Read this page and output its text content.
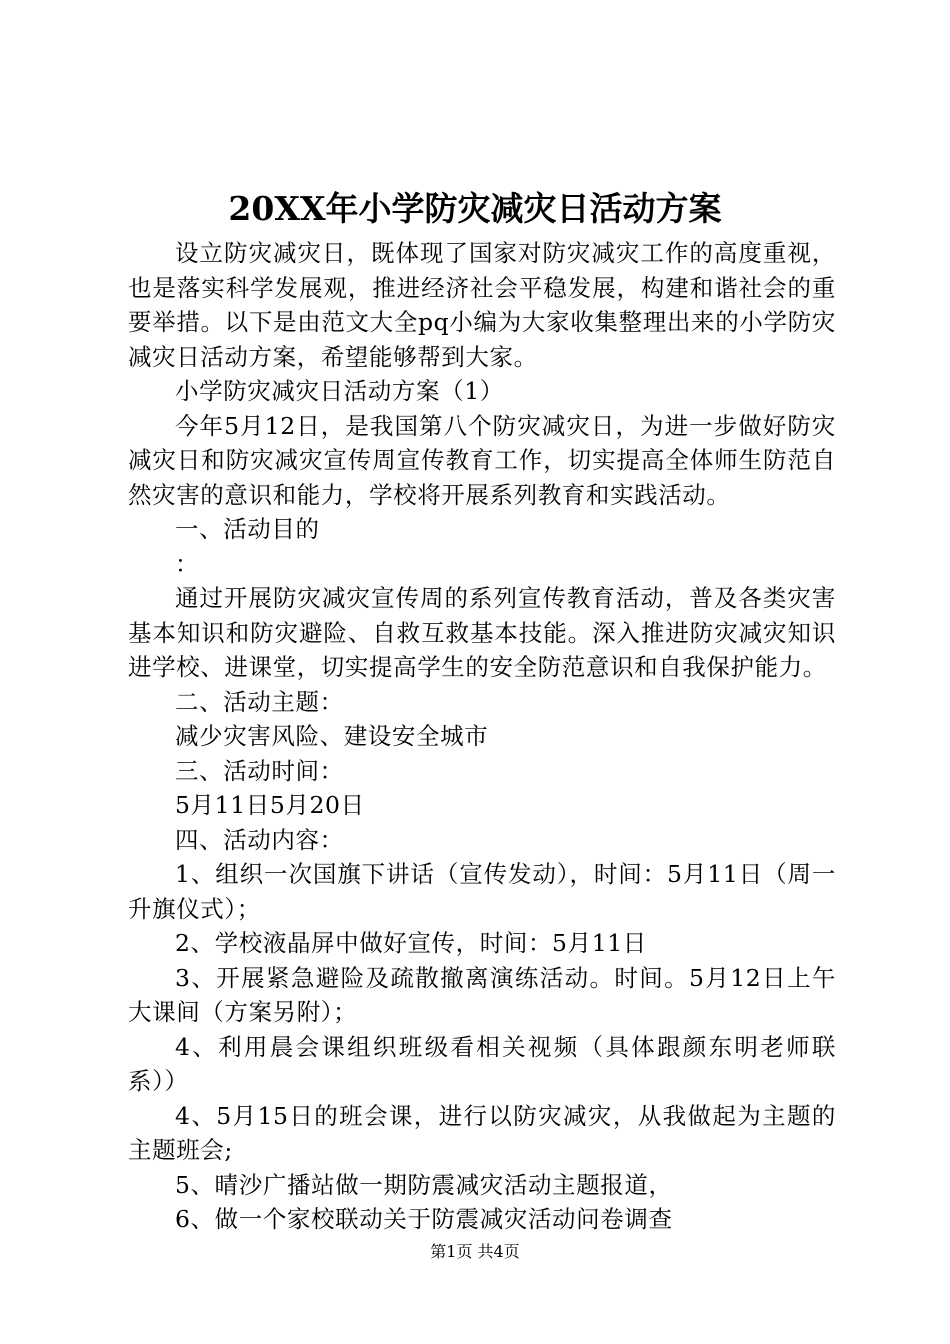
20XX年小学防灾减灾日活动方案

设立防灾减灾日，既体现了国家对防灾减灾工作的高度重视，也是落实科学发展观，推进经济社会平稳发展，构建和谐社会的重要举措。以下是由范文大全pq小编为大家收集整理出来的小学防灾减灾日活动方案，希望能够帮到大家。

小学防灾减灾日活动方案（1）

今年5月12日，是我国第八个防灾减灾日，为进一步做好防灾减灾日和防灾减灾宣传周宣传教育工作，切实提高全体师生防范自然灾害的意识和能力，学校将开展系列教育和实践活动。

一、活动目的

：

通过开展防灾减灾宣传周的系列宣传教育活动，普及各类灾害基本知识和防灾避险、自救互救基本技能。深入推进防灾减灾知识进学校、进课堂，切实提高学生的安全防范意识和自我保护能力。

二、活动主题：

减少灾害风险、建设安全城市

三、活动时间：

5月11日5月20日

四、活动内容：

1、组织一次国旗下讲话（宣传发动），时间：5月11日（周一升旗仪式）；

2、学校液晶屏中做好宣传，时间：5月11日

3、开展紧急避险及疏散撤离演练活动。时间。5月12日上午大课间（方案另附）；

4、利用晨会课组织班级看相关视频（具体跟颜东明老师联系））

4、5月15日的班会课，进行以防灾减灾，从我做起为主题的主题班会;

5、晴沙广播站做一期防震减灾活动主题报道，

6、做一个家校联动关于防震减灾活动问卷调查

第1页 共4页
